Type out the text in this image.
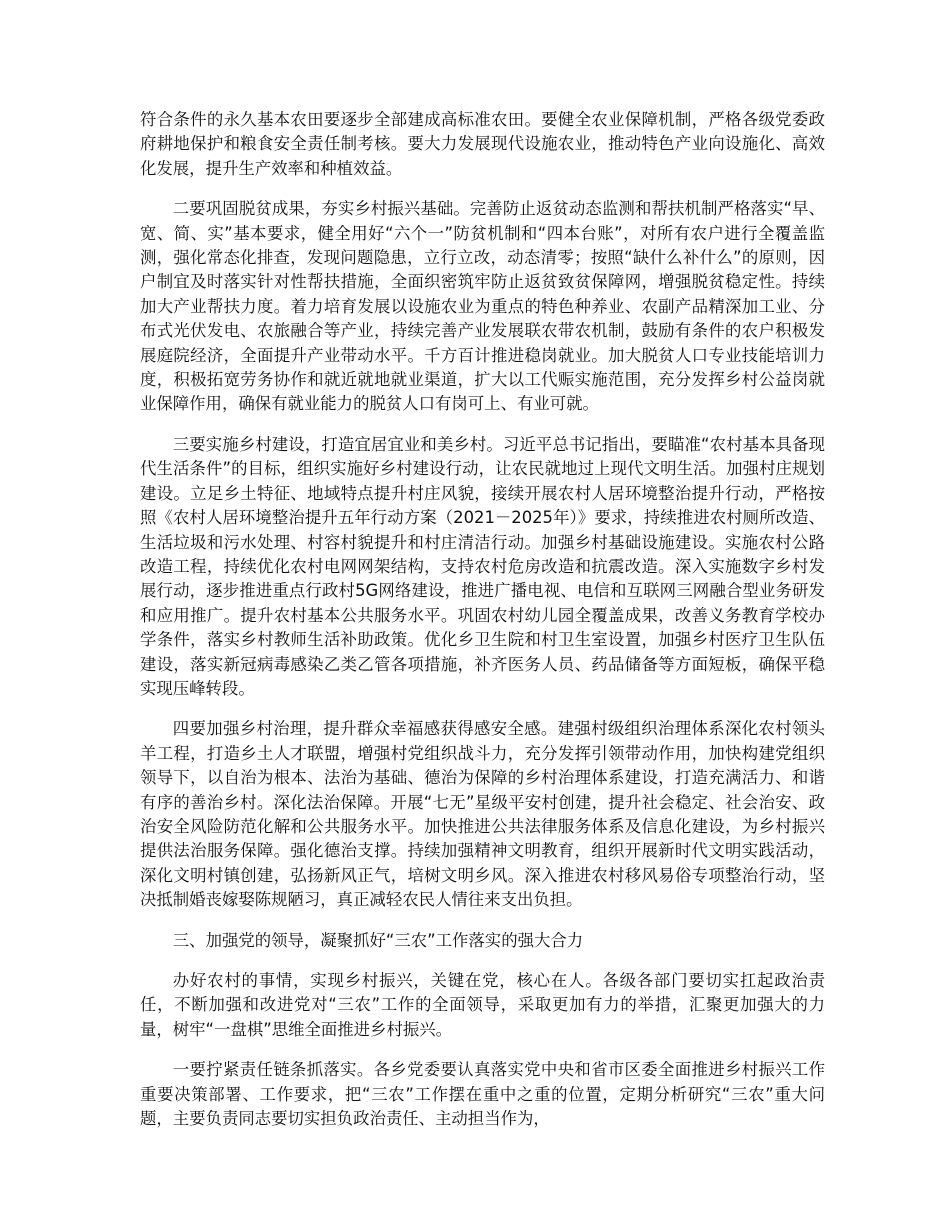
符合条件的永久基本农田要逐步全部建成高标准农田。要健全农业保障机制，严格各级党委政府耕地保护和粮食安全责任制考核。要大力发展现代设施农业，推动特色产业向设施化、高效化发展，提升生产效率和种植效益。

二要巩固脱贫成果，夯实乡村振兴基础。完善防止返贫动态监测和帮扶机制严格落实“早、宽、简、实”基本要求，健全用好“六个一”防贫机制和“四本台账”，对所有农户进行全覆盖监测，强化常态化排查，发现问题隐患，立行立改，动态清零；按照“缺什么补什么”的原则，因户制宜及时落实针对性帮扶措施，全面织密筑牢防止返贫致贫保障网，增强脱贫稳定性。持续加大产业帮扶力度。着力培育发展以设施农业为重点的特色种养业、农副产品精深加工业、分布式光伏发电、农旅融合等产业，持续完善产业发展联农带农机制，鼓励有条件的农户积极发展庭院经济，全面提升产业带动水平。千方百计推进稳岗就业。加大脱贫人口专业技能培训力度，积极拓宽劳务协作和就近就地就业渠道，扩大以工代赈实施范围，充分发挥乡村公益岗就业保障作用，确保有就业能力的脱贫人口有岗可上、有业可就。

三要实施乡村建设，打造宜居宜业和美乡村。习近平总书记指出，要瞄准“农村基本具备现代生活条件”的目标，组织实施好乡村建设行动，让农民就地过上现代文明生活。加强村庄规划建设。立足乡土特征、地域特点提升村庄风貌，接续开展农村人居环境整治提升行动，严格按照《农村人居环境整治提升五年行动方案（2021－2025年）》要求，持续推进农村厕所改造、生活垃圾和污水处理、村容村貌提升和村庄清洁行动。加强乡村基础设施建设。实施农村公路改造工程，持续优化农村电网网架结构，支持农村危房改造和抗震改造。深入实施数字乡村发展行动，逐步推进重点行政村5G网络建设，推进广播电视、电信和互联网三网融合型业务研发和应用推广。提升农村基本公共服务水平。巩固农村幼儿园全覆盖成果，改善义务教育学校办学条件，落实乡村教师生活补助政策。优化乡卫生院和村卫生室设置，加强乡村医疗卫生队伍建设，落实新冠病毒感染乙类乙管各项措施，补齐医务人员、药品储备等方面短板，确保平稳实现压峰转段。

四要加强乡村治理，提升群众幸福感获得感安全感。建强村级组织治理体系深化农村领头羊工程，打造乡土人才联盟，增强村党组织战斗力，充分发挥引领带动作用，加快构建党组织领导下，以自治为根本、法治为基础、德治为保障的乡村治理体系建设，打造充满活力、和谐有序的善治乡村。深化法治保障。开展“七无”星级平安村创建，提升社会稳定、社会治安、政治安全风险防范化解和公共服务水平。加快推进公共法律服务体系及信息化建设，为乡村振兴提供法治服务保障。强化德治支撑。持续加强精神文明教育，组织开展新时代文明实践活动，深化文明村镇创建，弘扬新风正气，培树文明乡风。深入推进农村移风易俗专项整治行动，坚决抵制婚丧嫁娶陈规陋习，真正减轻农民人情往来支出负担。

三、加强党的领导，凝聚抓好“三农”工作落实的强大合力

办好农村的事情，实现乡村振兴，关键在党，核心在人。各级各部门要切实扛起政治责任，不断加强和改进党对“三农”工作的全面领导，采取更加有力的举措，汇聚更加强大的力量，树牢“一盘棋”思维全面推进乡村振兴。

一要拧紧责任链条抓落实。各乡党委要认真落实党中央和省市区委全面推进乡村振兴工作重要决策部署、工作要求，把“三农”工作摆在重中之重的位置，定期分析研究“三农”重大问题，主要负责同志要切实担负政治责任、主动担当作为，
